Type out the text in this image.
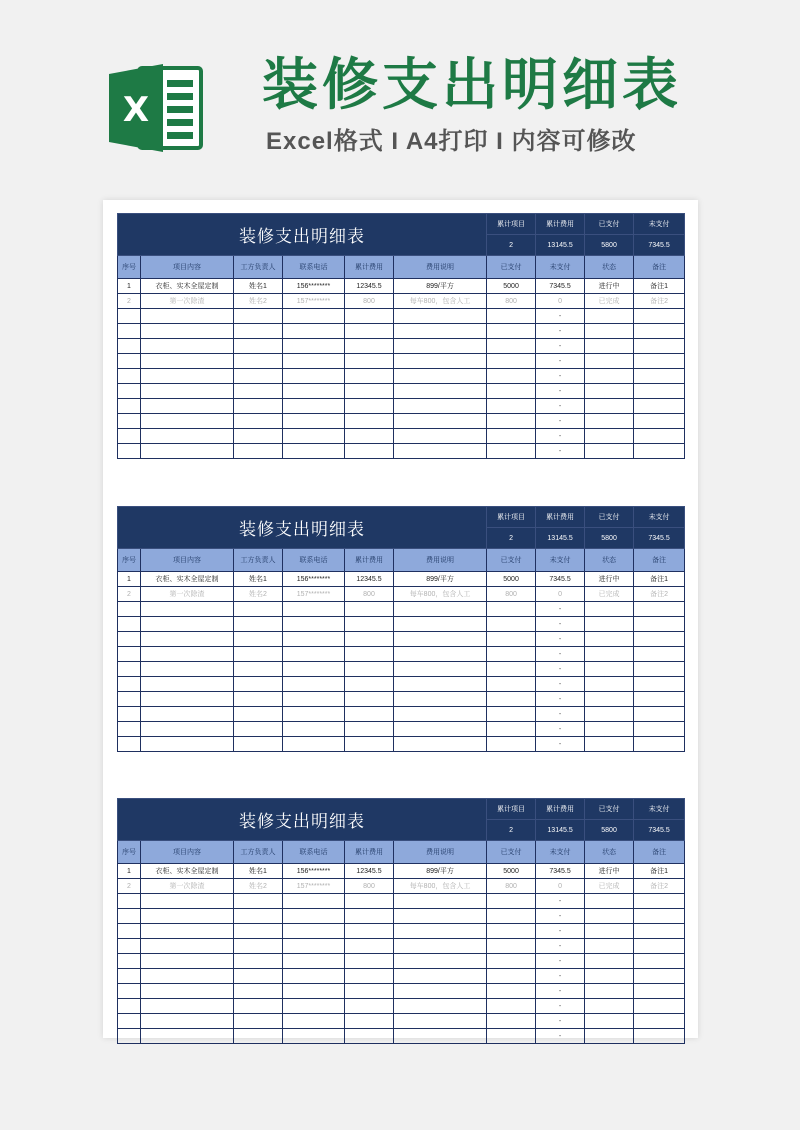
X 装修支出明细表
Excel格式 I A4打印 I 内容可修改
装修支出明细表						累计项目	累计费用	已支付	未支付
						2	13145.5	5800	7345.5
序号	项目内容	工方负责人	联系电话	累计费用	费用说明	已支付	未支付	状态	备注
1	衣柜、实木全屋定制	姓名1	156********	12345.5	899/平方	5000	7345.5	进行中	备注1
2	第一次除渣	姓名2	157********	800	每车800，包含人工	800	0	已完成	备注2
							-		
							-		
							-		
							-		
							-		
							-		
							-		
							-		
							-		
							-		
装修支出明细表						累计项目	累计费用	已支付	未支付
						2	13145.5	5800	7345.5
序号	项目内容	工方负责人	联系电话	累计费用	费用说明	已支付	未支付	状态	备注
1	衣柜、实木全屋定制	姓名1	156********	12345.5	899/平方	5000	7345.5	进行中	备注1
2	第一次除渣	姓名2	157********	800	每车800，包含人工	800	0	已完成	备注2
							-		
							-		
							-		
							-		
							-		
							-		
							-		
							-		
							-		
							-		
装修支出明细表						累计项目	累计费用	已支付	未支付
						2	13145.5	5800	7345.5
序号	项目内容	工方负责人	联系电话	累计费用	费用说明	已支付	未支付	状态	备注
1	衣柜、实木全屋定制	姓名1	156********	12345.5	899/平方	5000	7345.5	进行中	备注1
2	第一次除渣	姓名2	157********	800	每车800，包含人工	800	0	已完成	备注2
							-		
							-		
							-		
							-		
							-		
							-		
							-		
							-		
							-		
							-		
